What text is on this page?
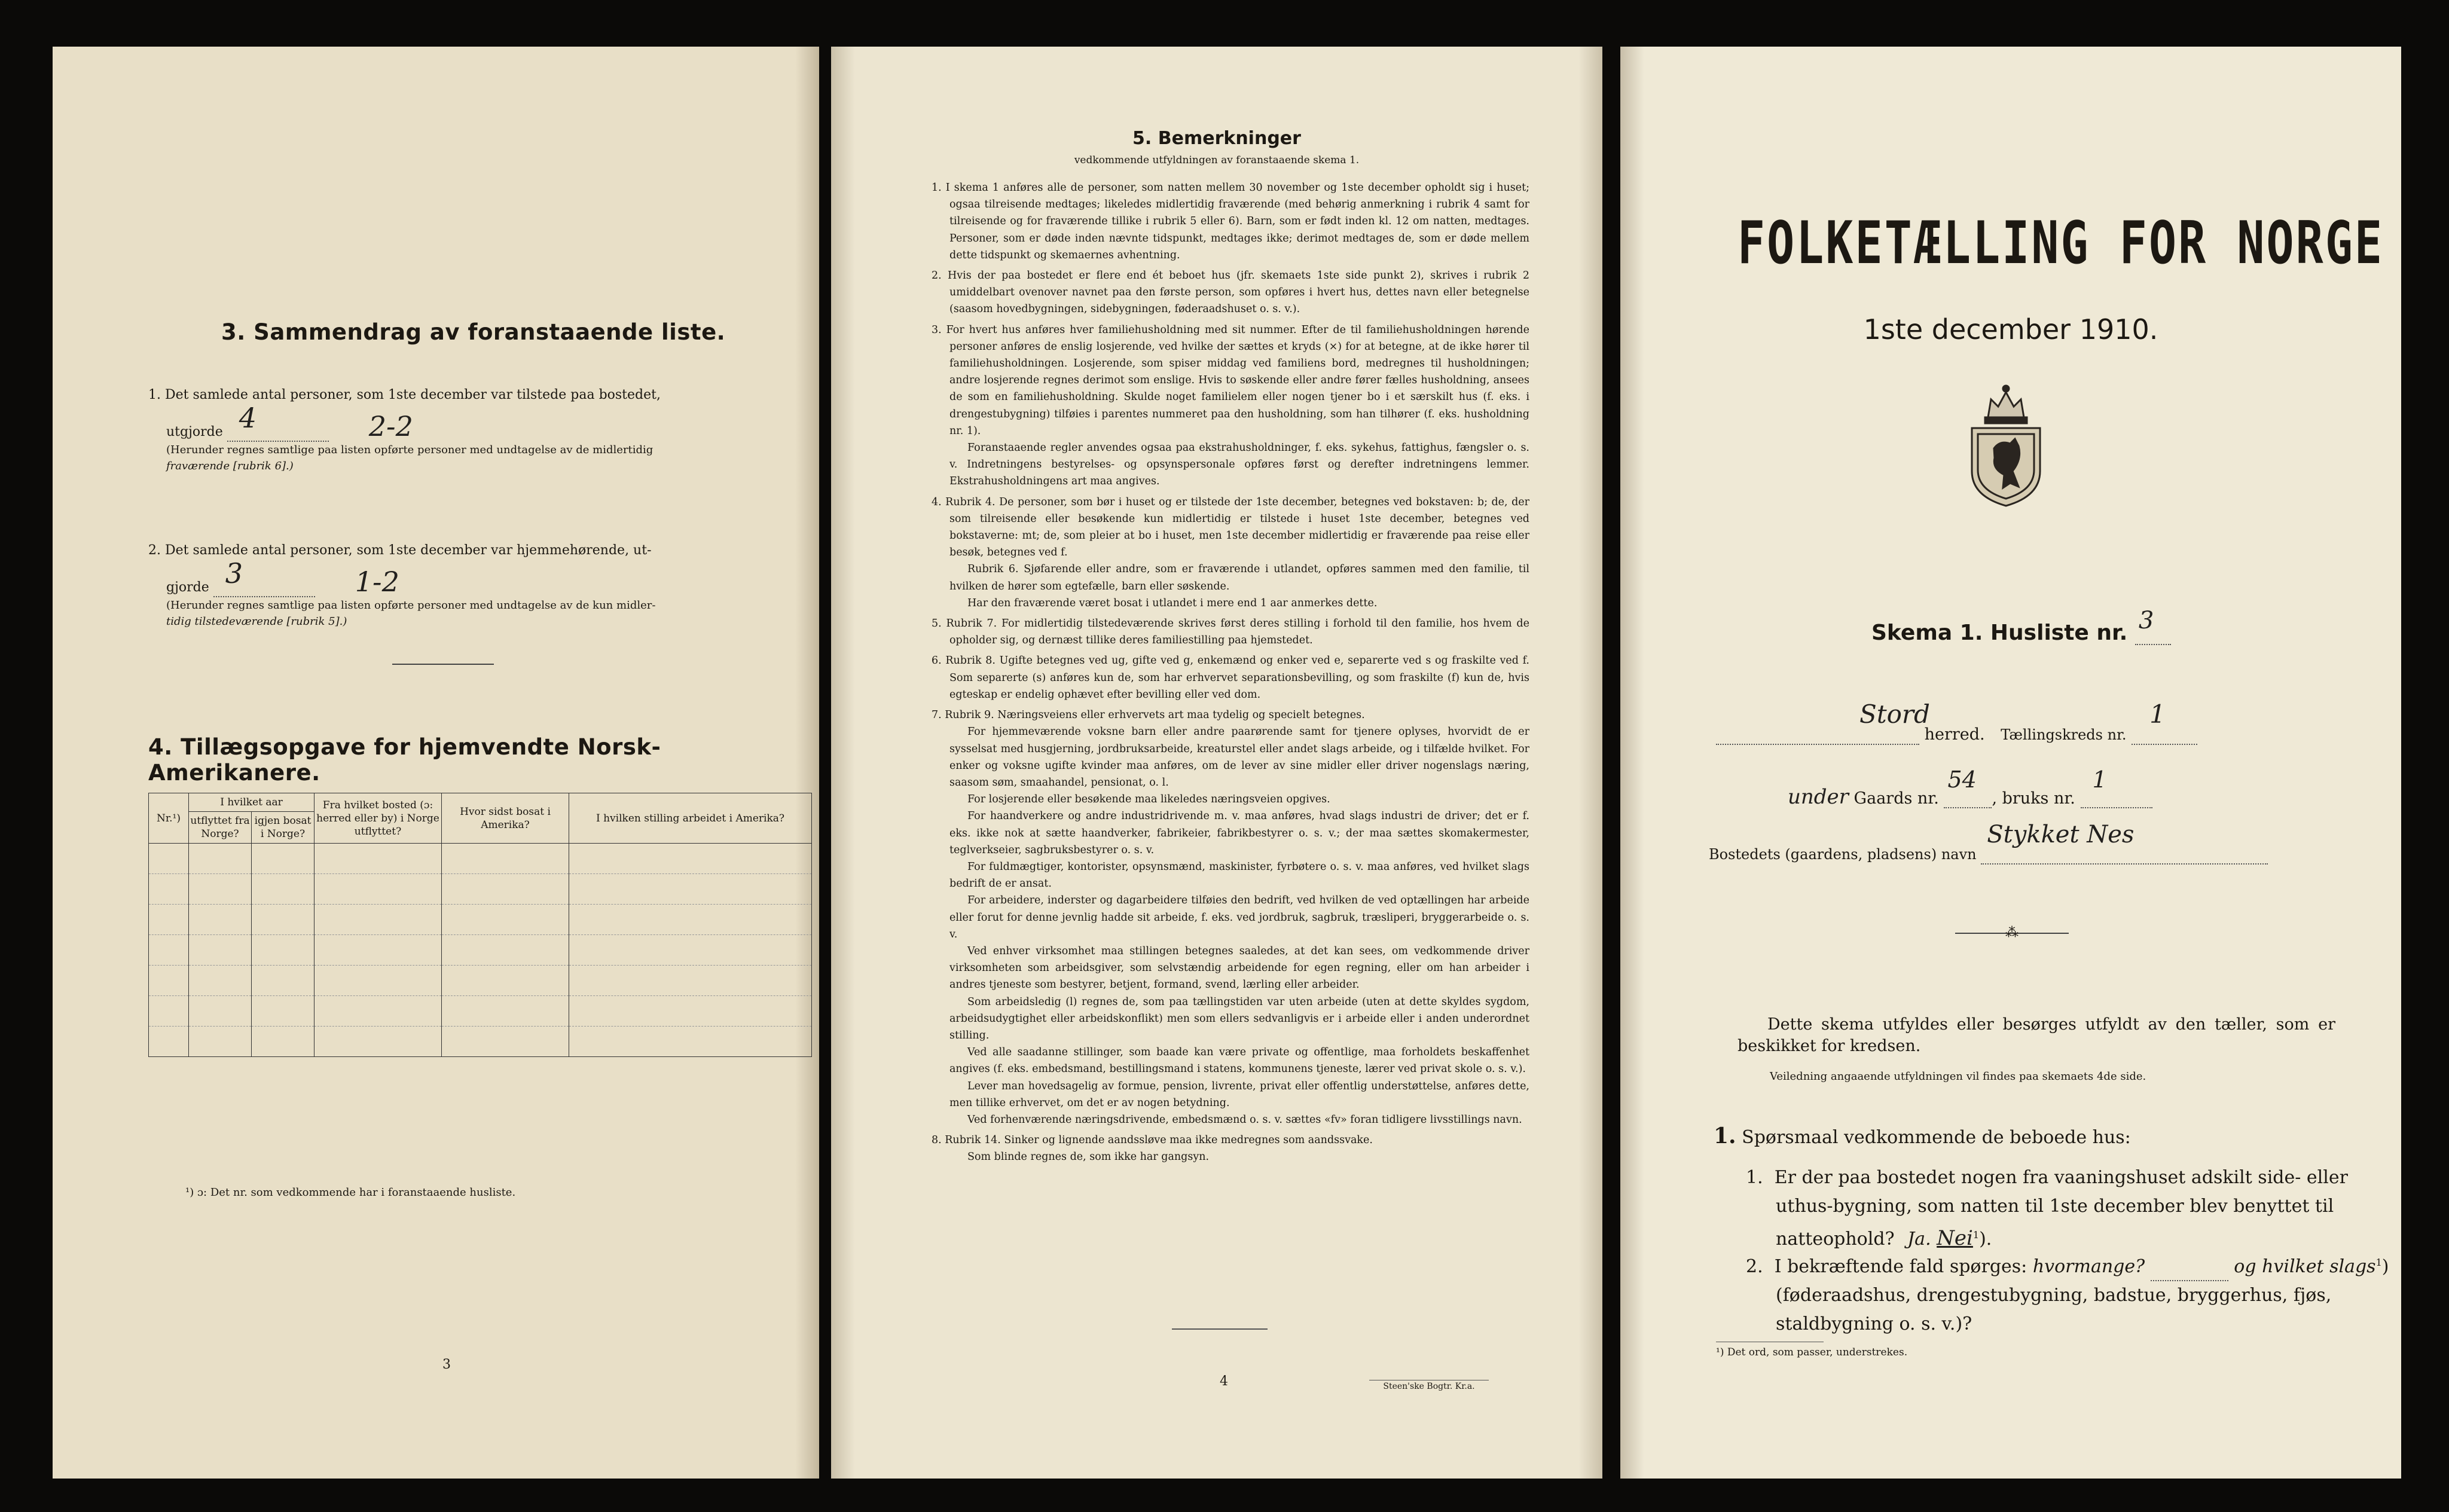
3. Sammendrag av foranstaaende liste.
1. Det samlede antal personer, som 1ste december var tilstede paa bostedet,
utgjorde 4	2-2
(Herunder regnes samtlige paa listen opførte personer med undtagelse av de midlertidig
fraværende [rubrik 6].)
2. Det samlede antal personer, som 1ste december var hjemmehørende, ut-
gjorde 3	1-2
(Herunder regnes samtlige paa listen opførte personer med undtagelse av de kun midler-
tidig tilstedeværende [rubrik 5].)
4. Tillægsopgave for hjemvendte Norsk-Amerikanere.
Nr.¹)	I hvilket aar		Fra hvilket bosted (ɔ: herred eller by) i Norge utflyttet?	Hvor sidst bosat i Amerika?	I hvilken stilling arbeidet i Amerika?
	utflyttet fra Norge?	igjen bosat i Norge?			

¹) ɔ: Det nr. som vedkommende har i foranstaaende husliste.
3
5. Bemerkninger
vedkommende utfyldningen av foranstaaende skema 1.

1. I skema 1 anføres alle de personer, som natten mellem 30 november og 1ste december opholdt sig i huset; ogsaa tilreisende medtages; likeledes midlertidig fraværende (med behørig anmerkning i rubrik 4 samt for tilreisende og for fraværende tillike i rubrik 5 eller 6). Barn, som er født inden kl. 12 om natten, medtages. Personer, som er døde inden nævnte tidspunkt, medtages ikke; derimot medtages de, som er døde mellem dette tidspunkt og skemaernes avhentning.

2. Hvis der paa bostedet er flere end ét beboet hus (jfr. skemaets 1ste side punkt 2), skrives i rubrik 2 umiddelbart ovenover navnet paa den første person, som opføres i hvert hus, dettes navn eller betegnelse (saasom hovedbygningen, sidebygningen, føderaadshuset o. s. v.).

3. For hvert hus anføres hver familiehusholdning med sit nummer. Efter de til familiehusholdningen hørende personer anføres de enslig losjerende, ved hvilke der sættes et kryds (×) for at betegne, at de ikke hører til familiehusholdningen. Losjerende, som spiser middag ved familiens bord, medregnes til husholdningen; andre losjerende regnes derimot som enslige. Hvis to søskende eller andre fører fælles husholdning, ansees de som en familiehusholdning. Skulde noget familielem eller nogen tjener bo i et særskilt hus (f. eks. i drengestubygning) tilføies i parentes nummeret paa den husholdning, som han tilhører (f. eks. husholdning nr. 1).

Foranstaaende regler anvendes ogsaa paa ekstrahusholdninger, f. eks. sykehus, fattighus, fængsler o. s. v. Indretningens bestyrelses- og opsynspersonale opføres først og derefter indretningens lemmer. Ekstrahusholdningens art maa angives.

4. Rubrik 4. De personer, som bør i huset og er tilstede der 1ste december, betegnes ved bokstaven: b; de, der som tilreisende eller besøkende kun midlertidig er tilstede i huset 1ste december, betegnes ved bokstaverne: mt; de, som pleier at bo i huset, men 1ste december midlertidig er fraværende paa reise eller besøk, betegnes ved f.

Rubrik 6. Sjøfarende eller andre, som er fraværende i utlandet, opføres sammen med den familie, til hvilken de hører som egtefælle, barn eller søskende.

Har den fraværende været bosat i utlandet i mere end 1 aar anmerkes dette.

5. Rubrik 7. For midlertidig tilstedeværende skrives først deres stilling i forhold til den familie, hos hvem de opholder sig, og dernæst tillike deres familiestilling paa hjemstedet.

6. Rubrik 8. Ugifte betegnes ved ug, gifte ved g, enkemænd og enker ved e, separerte ved s og fraskilte ved f. Som separerte (s) anføres kun de, som har erhvervet separationsbevilling, og som fraskilte (f) kun de, hvis egteskap er endelig ophævet efter bevilling eller ved dom.

7. Rubrik 9. Næringsveiens eller erhvervets art maa tydelig og specielt betegnes.

For hjemmeværende voksne barn eller andre paarørende samt for tjenere oplyses, hvorvidt de er sysselsat med husgjerning, jordbruksarbeide, kreaturstel eller andet slags arbeide, og i tilfælde hvilket. For enker og voksne ugifte kvinder maa anføres, om de lever av sine midler eller driver nogenslags næring, saasom søm, smaahandel, pensionat, o. l.

For losjerende eller besøkende maa likeledes næringsveien opgives.

For haandverkere og andre industridrivende m. v. maa anføres, hvad slags industri de driver; det er f. eks. ikke nok at sætte haandverker, fabrikeier, fabrikbestyrer o. s. v.; der maa sættes skomakermester, teglverkseier, sagbruksbestyrer o. s. v.

For fuldmægtiger, kontorister, opsynsmænd, maskinister, fyrbøtere o. s. v. maa anføres, ved hvilket slags bedrift de er ansat.

For arbeidere, inderster og dagarbeidere tilføies den bedrift, ved hvilken de ved optællingen har arbeide eller forut for denne jevnlig hadde sit arbeide, f. eks. ved jordbruk, sagbruk, træsliperi, bryggerarbeide o. s. v.

Ved enhver virksomhet maa stillingen betegnes saaledes, at det kan sees, om vedkommende driver virksomheten som arbeidsgiver, som selvstændig arbeidende for egen regning, eller om han arbeider i andres tjeneste som bestyrer, betjent, formand, svend, lærling eller arbeider.

Som arbeidsledig (l) regnes de, som paa tællingstiden var uten arbeide (uten at dette skyldes sygdom, arbeidsudygtighet eller arbeidskonflikt) men som ellers sedvanligvis er i arbeide eller i anden underordnet stilling.

Ved alle saadanne stillinger, som baade kan være private og offentlige, maa forholdets beskaffenhet angives (f. eks. embedsmand, bestillingsmand i statens, kommunens tjeneste, lærer ved privat skole o. s. v.).

Lever man hovedsagelig av formue, pension, livrente, privat eller offentlig understøttelse, anføres dette, men tillike erhvervet, om det er av nogen betydning.

Ved forhenværende næringsdrivende, embedsmænd o. s. v. sættes «fv» foran tidligere livsstillings navn.

8. Rubrik 14. Sinker og lignende aandssløve maa ikke medregnes som aandssvake.

Som blinde regnes de, som ikke har gangsyn.

4	Steen'ske Bogtr. Kr.a.
FOLKETÆLLING FOR NORGE
1ste december 1910.
Skema 1. Husliste nr. 3
Stord
herred. Tællingskreds nr.
1
under Gaards nr.
54
, bruks nr.
1
Bostedets (gaardens, pladsens) navn
Stykket Nes
⁂
Dette skema utfyldes eller besørges utfyldt av den tæller, som er beskikket for kredsen.
Veiledning angaaende utfyldningen vil findes paa skemaets 4de side.
1. Spørsmaal vedkommende de beboede hus:
1.  Er der paa bostedet nogen fra vaaningshuset adskilt side- eller uthus-bygning, som natten til 1ste december blev benyttet til natteophold? Ja. Nei$^1$).
2.  I bekræftende fald spørges: hvormange?	og hvilket slags$^1$) (føderaadshus, drengestubygning, badstue, bryggerhus, fjøs, staldbygning o. s. v.)?
¹) Det ord, som passer, understrekes.
